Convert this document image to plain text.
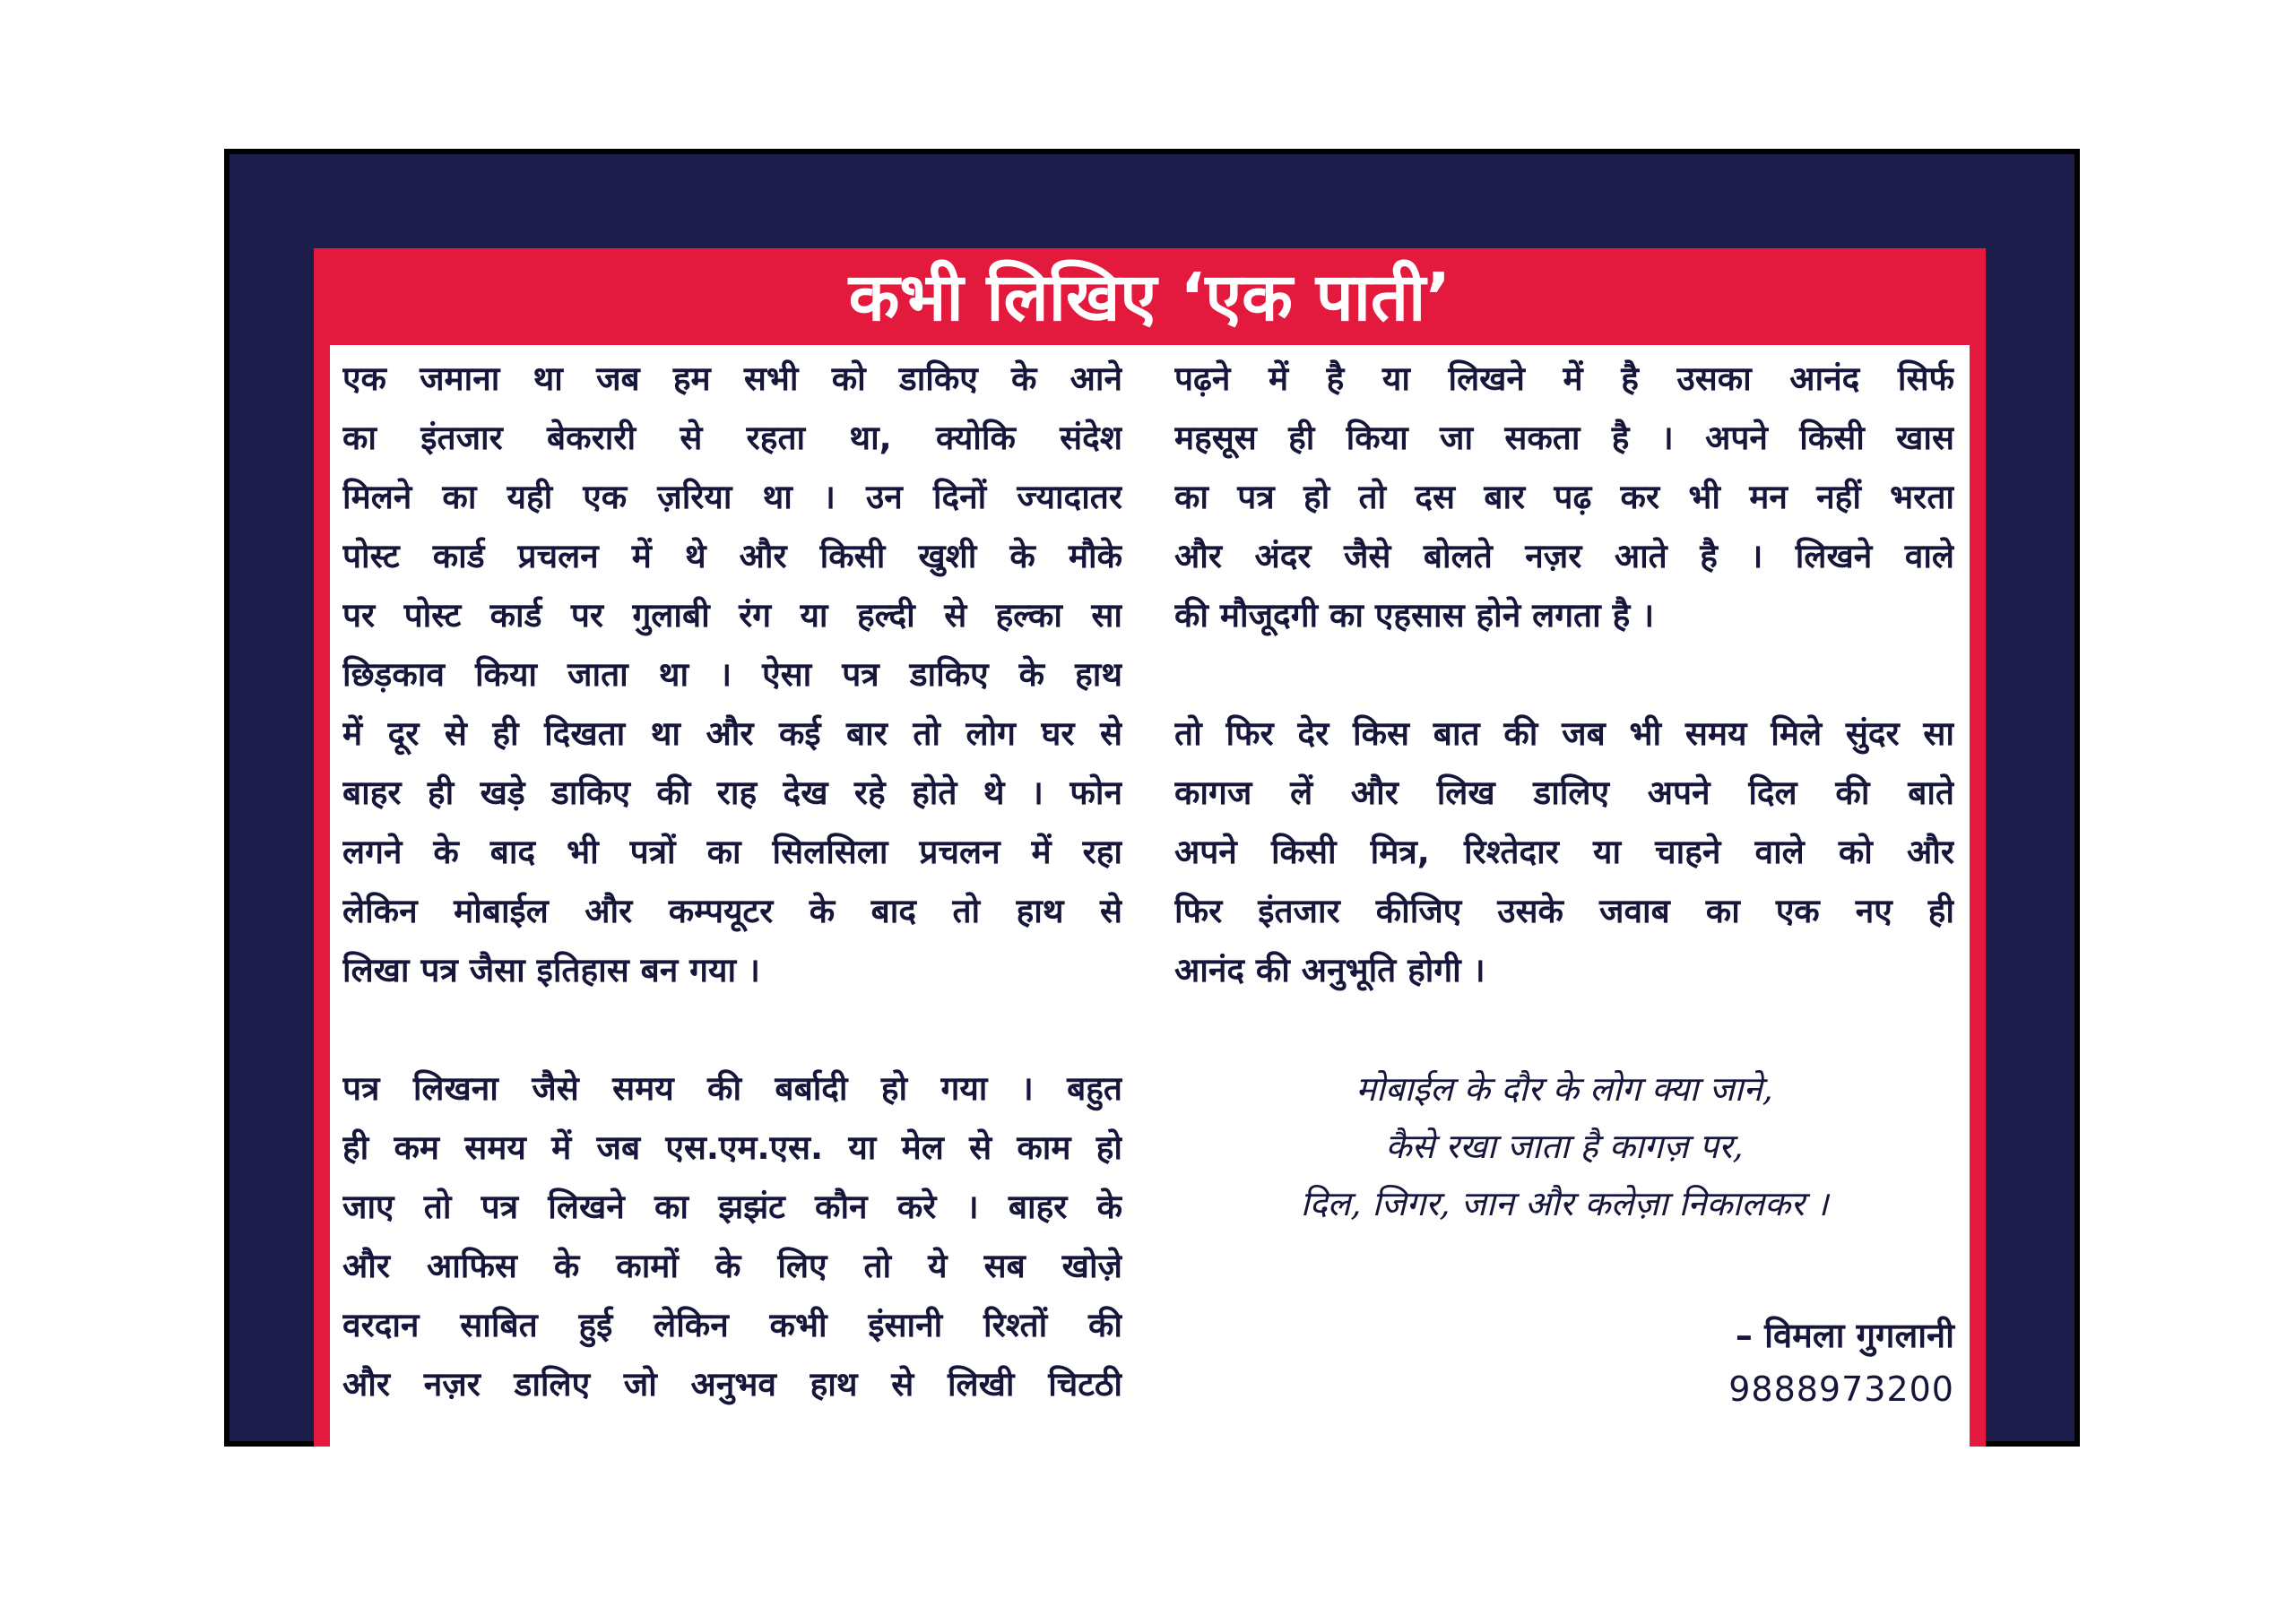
कभी लिखिए ‘एक पाती’
एक जमाना था जब हम सभी को डाकिए के आने
का इंतजार बेकरारी से रहता था, क्योकि संदेश
मिलने का यही एक ज़रिया था । उन दिनों ज्यादातर
पोस्ट कार्ड प्रचलन में थे और किसी खुशी के मौके
पर पोस्ट कार्ड पर गुलाबी रंग या हल्दी से हल्का सा
छिड़काव किया जाता था । ऐसा पत्र डाकिए के हाथ
में दूर से ही दिखता था और कई बार तो लोग घर से
बाहर ही खड़े डाकिए की राह देख रहे होते थे । फोन
लगने के बाद भी पत्रों का सिलसिला प्रचलन में रहा
लेकिन मोबाईल और कम्पयूटर के बाद तो हाथ से
लिखा पत्र जैसा इतिहास बन गया ।
पत्र लिखना जैसे समय की बर्बादी हो गया । बहुत
ही कम समय में जब एस.एम.एस. या मेल से काम हो
जाए तो पत्र लिखने का झझंट कौन करे । बाहर के
और आफिस के कामों के लिए तो ये सब खोज़े
वरदान साबित हुई लेकिन कभी इंसानी रिश्तों की
और नज़र डालिए जो अनुभव हाथ से लिखी चिटठी
पढ़ने में है या लिखने में है उसका आनंद सिर्फ
महसूस ही किया जा सकता है । अपने किसी खास
का पत्र हो तो दस बार पढ़ कर भी मन नहीं भरता
और अंदर जैसे बोलते नज़र आते है । लिखने वाले
की मौजूदगी का एहसास होने लगता है ।
तो फिर देर किस बात की जब भी समय मिले सुंदर सा
कागज लें और लिख डालिए अपने दिल की बाते
अपने किसी मित्र, रिश्तेदार या चाहने वाले को और
फिर इंतजार कीजिए उसके जवाब का एक नए ही
आनंद की अनुभूति होगी ।
मोबाईल के दौर के लोग क्या जाने,
कैसे रखा जाता है कागज़ पर,
दिल, जिगर, जान और कलेज़ा निकालकर ।
– विमला गुगलानी
9888973200
